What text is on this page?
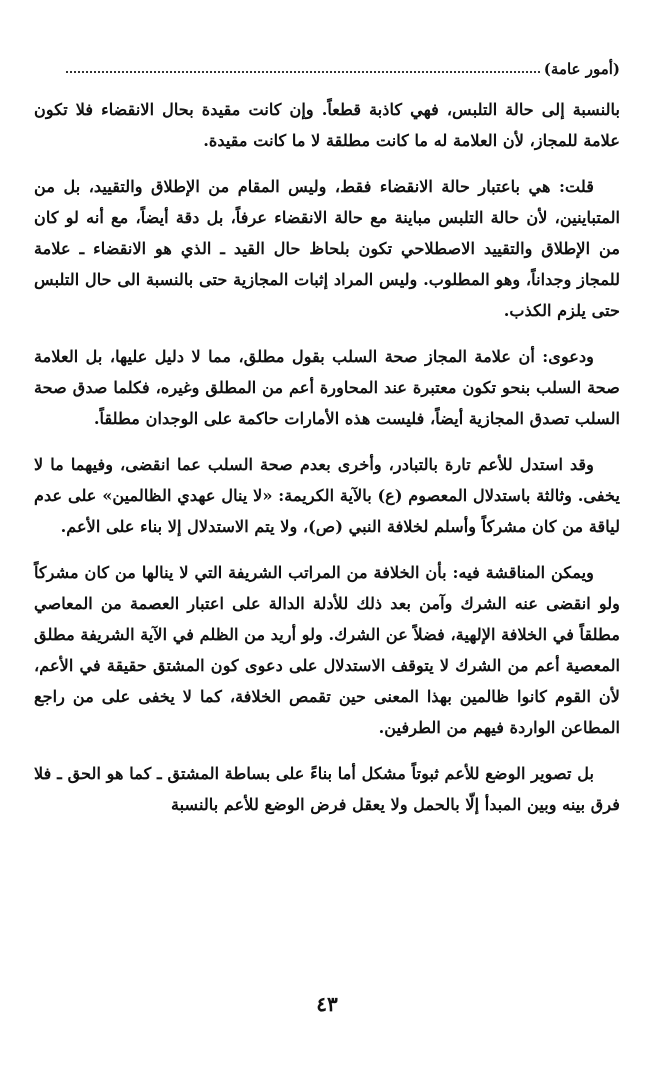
(أمور عامة)

بالنسبة إلى حالة التلبس، فهي كاذبة قطعاً. وإن كانت مقيدة بحال الانقضاء فلا تكون علامة للمجاز، لأن العلامة له ما كانت مطلقة لا ما كانت مقيدة.

قلت: هي باعتبار حالة الانقضاء فقط، وليس المقام من الإطلاق والتقييد، بل من المتباينين، لأن حالة التلبس مباينة مع حالة الانقضاء عرفاً، بل دقة أيضاً، مع أنه لو كان من الإطلاق والتقييد الاصطلاحي تكون بلحاظ حال القيد ـ الذي هو الانقضاء ـ علامة للمجاز وجداناً، وهو المطلوب. وليس المراد إثبات المجازية حتى بالنسبة الى حال التلبس حتى يلزم الكذب.

ودعوى: أن علامة المجاز صحة السلب بقول مطلق، مما لا دليل عليها، بل العلامة صحة السلب بنحو تكون معتبرة عند المحاورة أعم من المطلق وغيره، فكلما صدق صحة السلب تصدق المجازية أيضاً، فليست هذه الأمارات حاكمة على الوجدان مطلقاً.

وقد استدل للأعم تارة بالتبادر، وأخرى بعدم صحة السلب عما انقضى، وفيهما ما لا يخفى. وثالثة باستدلال المعصوم (ع) بالآية الكريمة: «لا ينال عهدي الظالمين» على عدم لياقة من كان مشركاً وأسلم لخلافة النبي (ص)، ولا يتم الاستدلال إلا بناء على الأعم.

ويمكن المناقشة فيه: بأن الخلافة من المراتب الشريفة التي لا ينالها من كان مشركاً ولو انقضى عنه الشرك وآمن بعد ذلك للأدلة الدالة على اعتبار العصمة من المعاصي مطلقاً في الخلافة الإلهية، فضلاً عن الشرك. ولو أريد من الظلم في الآية الشريفة مطلق المعصية أعم من الشرك لا يتوقف الاستدلال على دعوى كون المشتق حقيقة في الأعم، لأن القوم كانوا ظالمين بهذا المعنى حين تقمص الخلافة، كما لا يخفى على من راجع المطاعن الواردة فيهم من الطرفين.

بل تصوير الوضع للأعم ثبوتاً مشكل أما بناءً على بساطة المشتق ـ كما هو الحق ـ فلا فرق بينه وبين المبدأ إلّا بالحمل ولا يعقل فرض الوضع للأعم بالنسبة

٤٣
